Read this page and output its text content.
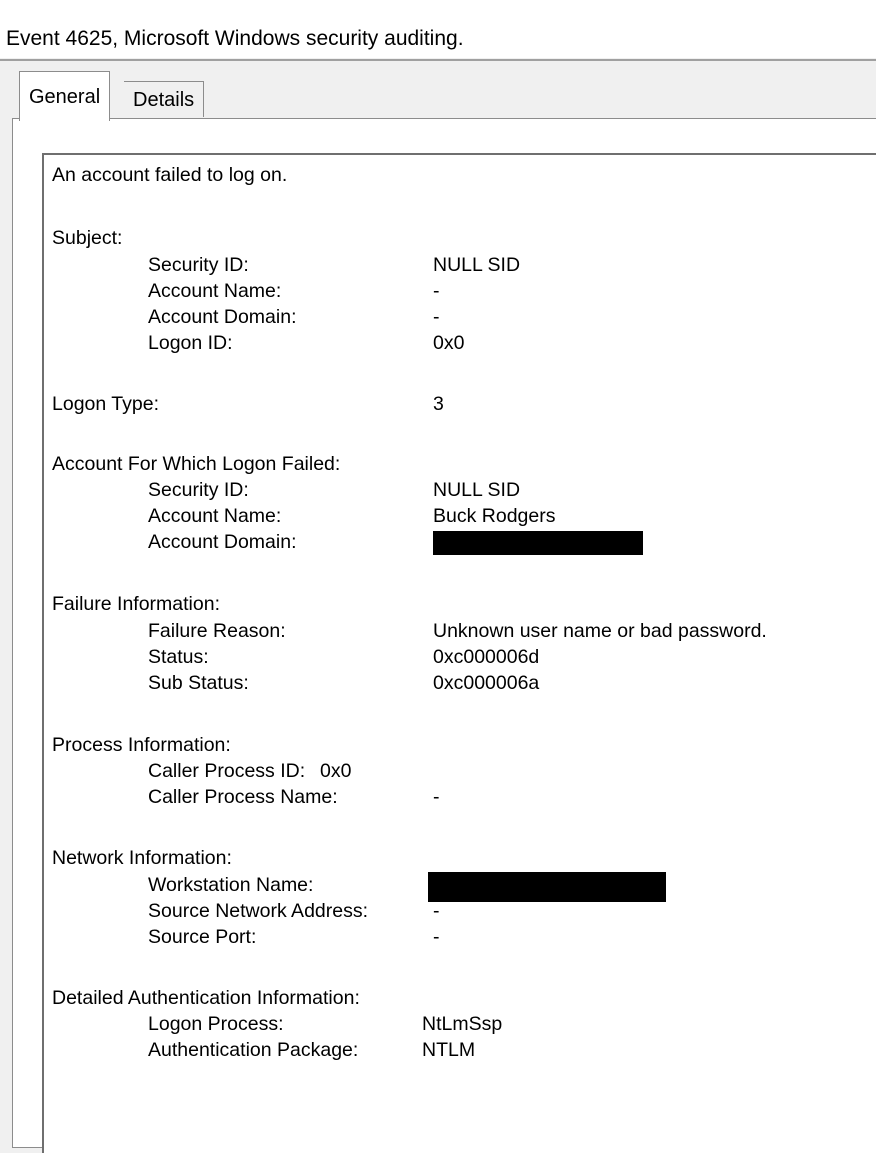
Event 4625, Microsoft Windows security auditing.
General	Details
An account failed to log on.
Subject:
Security ID:	NULL SID
Account Name:	-
Account Domain:	-
Logon ID:	0x0
Logon Type:	3
Account For Which Logon Failed:
Security ID:	NULL SID
Account Name:	Buck Rodgers
Account Domain:
Failure Information:
Failure Reason:	Unknown user name or bad password.
Status:	0xc000006d
Sub Status:	0xc000006a
Process Information:
Caller Process ID: 0x0
Caller Process Name:	-
Network Information:
Workstation Name:
Source Network Address:	-
Source Port:	-
Detailed Authentication Information:
Logon Process:	NtLmSsp
Authentication Package:	NTLM
